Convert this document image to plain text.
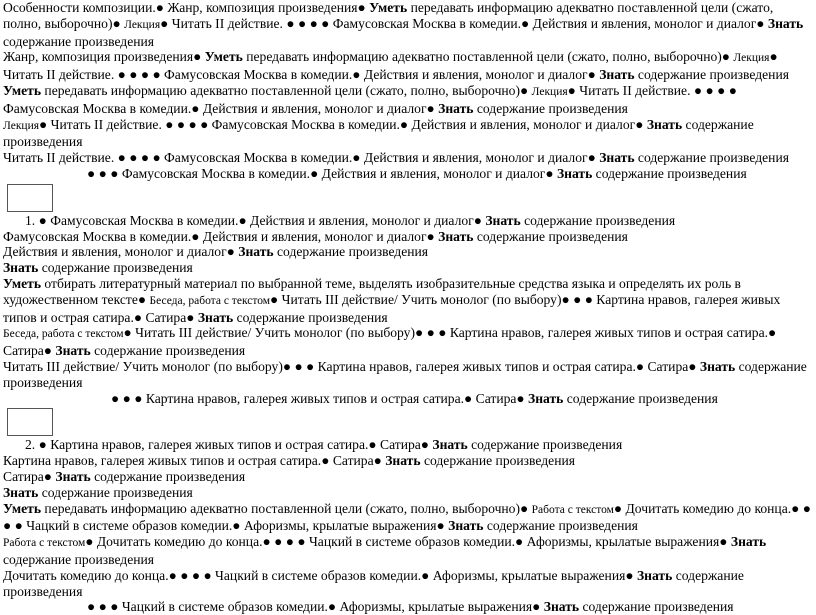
Особенности композиции.● Жанр, композиция произведения● Уметь передавать информацию адекватно поставленной цели (сжато, полно, выборочно)● Лекция● Читать II действие. ● ● ● ● Фамусовская Москва в комедии.● Действия и явления, монолог и диалог● Знать содержание произведения
Жанр, композиция произведения● Уметь передавать информацию адекватно поставленной цели (сжато, полно, выборочно)● Лекция● Читать II действие. ● ● ● ● Фамусовская Москва в комедии.● Действия и явления, монолог и диалог● Знать содержание произведения
Уметь передавать информацию адекватно поставленной цели (сжато, полно, выборочно)● Лекция● Читать II действие. ● ● ● ● Фамусовская Москва в комедии.● Действия и явления, монолог и диалог● Знать содержание произведения
Лекция● Читать II действие. ● ● ● ● Фамусовская Москва в комедии.● Действия и явления, монолог и диалог● Знать содержание произведения
Читать II действие. ● ● ● ● Фамусовская Москва в комедии.● Действия и явления, монолог и диалог● Знать содержание произведения
● ● ● Фамусовская Москва в комедии.● Действия и явления, монолог и диалог● Знать содержание произведения
1. ● Фамусовская Москва в комедии.● Действия и явления, монолог и диалог● Знать содержание произведения
Фамусовская Москва в комедии.● Действия и явления, монолог и диалог● Знать содержание произведения
Действия и явления, монолог и диалог● Знать содержание произведения
Знать содержание произведения
Уметь отбирать литературный материал по выбранной теме, выделять изобразительные средства языка и определять их роль в художественном тексте● Беседа, работа с текстом● Читать III действие/ Учить монолог (по выбору)● ● ● Картина нравов, галерея живых типов и острая сатира.● Сатира● Знать содержание произведения
Беседа, работа с текстом● Читать III действие/ Учить монолог (по выбору)● ● ● Картина нравов, галерея живых типов и острая сатира.● Сатира● Знать содержание произведения
Читать III действие/ Учить монолог (по выбору)● ● ● Картина нравов, галерея живых типов и острая сатира.● Сатира● Знать содержание произведения
● ● ● Картина нравов, галерея живых типов и острая сатира.● Сатира● Знать содержание произведения
2. ● Картина нравов, галерея живых типов и острая сатира.● Сатира● Знать содержание произведения
Картина нравов, галерея живых типов и острая сатира.● Сатира● Знать содержание произведения
Сатира● Знать содержание произведения
Знать содержание произведения
Уметь передавать информацию адекватно поставленной цели (сжато, полно, выборочно)● Работа с текстом● Дочитать комедию до конца.● ● ● ● Чацкий в системе образов комедии.● Афоризмы, крылатые выражения● Знать содержание произведения
Работа с текстом● Дочитать комедию до конца.● ● ● ● Чацкий в системе образов комедии.● Афоризмы, крылатые выражения● Знать содержание произведения
Дочитать комедию до конца.● ● ● ● Чацкий в системе образов комедии.● Афоризмы, крылатые выражения● Знать содержание произведения
● ● ● Чацкий в системе образов комедии.● Афоризмы, крылатые выражения● Знать содержание произведения
